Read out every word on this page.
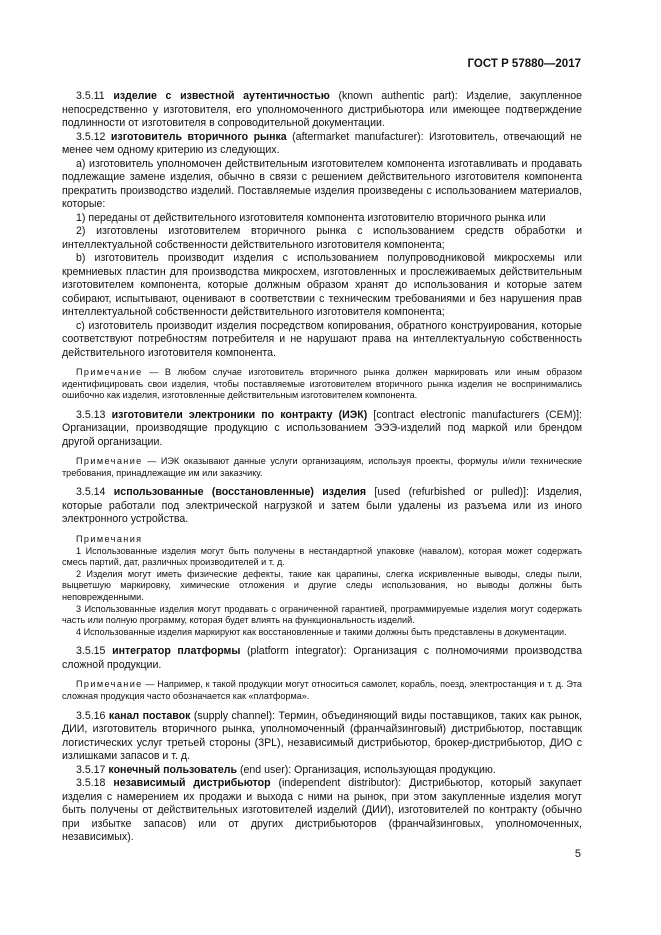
ГОСТ Р 57880—2017

3.5.11 изделие с известной аутентичностью (known authentic part): Изделие, закупленное непосредственно у изготовителя, его уполномоченного дистрибьютора или имеющее подтверждение подлинности от изготовителя в сопроводительной документации.

3.5.12 изготовитель вторичного рынка (aftermarket manufacturer): Изготовитель, отвечающий не менее чем одному критерию из следующих.

a) изготовитель уполномочен действительным изготовителем компонента изготавливать и продавать подлежащие замене изделия, обычно в связи с решением действительного изготовителя компонента прекратить производство изделий. Поставляемые изделия произведены с использованием материалов, которые:

1) переданы от действительного изготовителя компонента изготовителю вторичного рынка или

2) изготовлены изготовителем вторичного рынка с использованием средств обработки и интеллектуальной собственности действительного изготовителя компонента;

b) изготовитель производит изделия с использованием полупроводниковой микросхемы или кремниевых пластин для производства микросхем, изготовленных и прослеживаемых действительным изготовителем компонента, которые должным образом хранят до использования и которые затем собирают, испытывают, оценивают в соответствии с техническим требованиями и без нарушения прав интеллектуальной собственности действительного изготовителя компонента;

c) изготовитель производит изделия посредством копирования, обратного конструирования, которые соответствуют потребностям потребителя и не нарушают права на интеллектуальную собственность действительного изготовителя компонента.

Примечание — В любом случае изготовитель вторичного рынка должен маркировать или иным образом идентифицировать свои изделия, чтобы поставляемые изготовителем вторичного рынка изделия не воспринимались ошибочно как изделия, изготовленные действительным изготовителем компонента.

3.5.13 изготовители электроники по контракту (ИЭК) [contract electronic manufacturers (CEM)]: Организации, производящие продукцию с использованием ЭЭЭ-изделий под маркой или брендом другой организации.

Примечание — ИЭК оказывают данные услуги организациям, используя проекты, формулы и/или технические требования, принадлежащие им или заказчику.

3.5.14 использованные (восстановленные) изделия [used (refurbished or pulled)]: Изделия, которые работали под электрической нагрузкой и затем были удалены из разъема или из иного электронного устройства.

Примечания

1 Использованные изделия могут быть получены в нестандартной упаковке (навалом), которая может содержать смесь партий, дат, различных производителей и т. д.

2 Изделия могут иметь физические дефекты, такие как царапины, слегка искривленные выводы, следы пыли, выцветшую маркировку, химические отложения и другие следы использования, но выводы должны быть неповрежденными.

3 Использованные изделия могут продавать с ограниченной гарантией, программируемые изделия могут содержать часть или полную программу, которая будет влиять на функциональность изделий.

4 Использованные изделия маркируют как восстановленные и такими должны быть представлены в документации.

3.5.15 интегратор платформы (platform integrator): Организация с полномочиями производства сложной продукции.

Примечание — Например, к такой продукции могут относиться самолет, корабль, поезд, электростанция и т. д. Эта сложная продукция часто обозначается как «платформа».

3.5.16 канал поставок (supply channel): Термин, объединяющий виды поставщиков, таких как рынок, ДИИ, изготовитель вторичного рынка, уполномоченный (франчайзинговый) дистрибьютор, поставщик логистических услуг третьей стороны (3PL), независимый дистрибьютор, брокер-дистрибьютор, ДИО с излишками запасов и т. д.

3.5.17 конечный пользователь (end user): Организация, использующая продукцию.

3.5.18 независимый дистрибьютор (independent distributor): Дистрибьютор, который закупает изделия с намерением их продажи и выхода с ними на рынок, при этом закупленные изделия могут быть получены от действительных изготовителей изделий (ДИИ), изготовителей по контракту (обычно при избытке запасов) или от других дистрибьюторов (франчайзинговых, уполномоченных, независимых).

5
